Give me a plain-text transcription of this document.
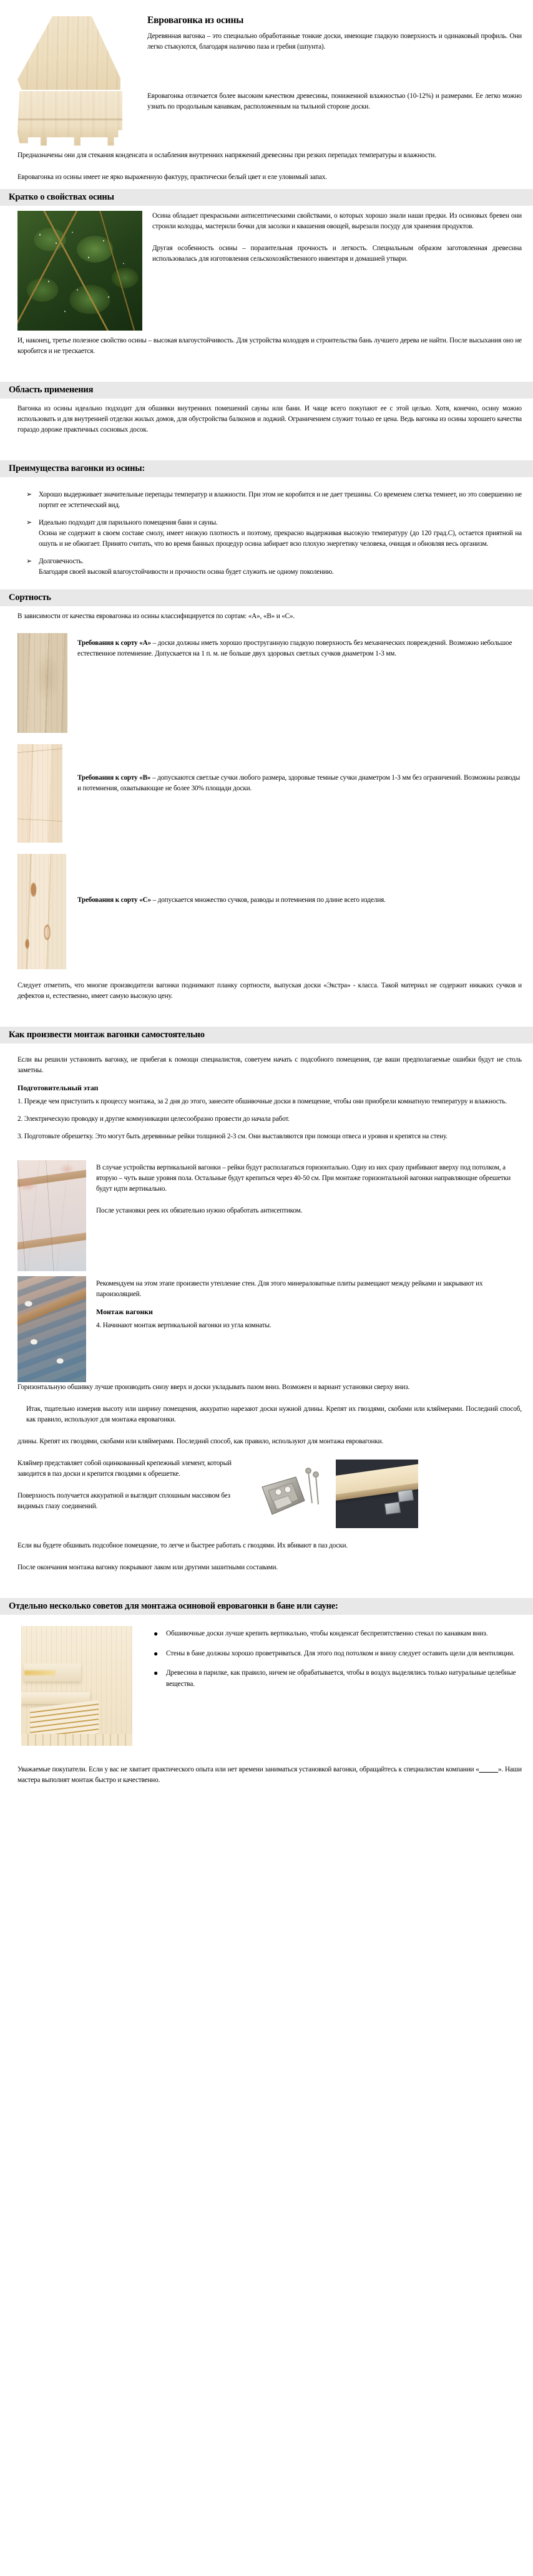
Евровагонка из осины

Деревянная вагонка – это специально обработанные тонкие доски, имеющие гладкую поверхность и одинаковый профиль. Они легко стыкуются, благодаря наличию паза и гребня (шпунта).

Евровагонка отличается более высоким качеством древесины, пониженной влажностью (10-12%) и размерами. Ее легко можно узнать по продольным канавкам, расположенным на тыльной стороне доски.

Предназначены они для стекания конденсата и ослабления внутренних напряжений древесины при резких перепадах температуры и влажности.

Евровагонка из осины имеет не ярко выраженную фактуру, практически белый цвет и еле уловимый запах.

Кратко о свойствах осины

Осина обладает прекрасными антисептическими свойствами, о которых хорошо знали наши предки. Из осиновых бревен они строили колодцы, мастерили бочки для засолки и квашения овощей, вырезали посуду для хранения продуктов.

Другая особенность осины – поразительная прочность и легкость. Специальным образом заготовленная древесина использовалась для изготовления сельскохозяйственного инвентаря и домашней утвари.

И, наконец, третье полезное свойство осины – высокая влагоустойчивость. Для устройства колодцев и строительства бань лучшего дерева не найти. После высыхания оно не коробится и не трескается.

Область применения

Вагонка из осины идеально подходит для обшивки внутренних помешений сауны или бани. И чаще всего покупают ее с этой целью. Хотя, конечно, осину можно использовать и для внутренней отделки жилых домов, для обустройства балконов и лоджий. Ограничением служит только ее цена. Ведь вагонка из осины хорошего качества гораздо дороже практичных сосновых досок.

Преимущества вагонки из осины:
➢ Хорошо выдерживает значительные перепады температур и влажности. При этом не коробится и не дает трешины. Со временем слегка темнеет, но это совершенно не портит ее эстетический вид.
➢ Идеально подходит для парильного помещения бани и сауны.
Осина не содержит в своем составе смолу, имеет низкую плотность и поэтому, прекрасно выдерживая высокую температуру (до 120 град.С), остается приятной на ошупь и не обжигает. Принято считать, что во время банных процедур осина забирает всю плохую энергетику человека, очищая и обновляя весь организм.
➢ Долговечность.
Благодаря своей высокой влагоустойчивости и прочности осина будет служить не одному поколению.
Сортность

В зависимости от качества евровагонка из осины классифицируется по сортам: «А», «В» и «С».

Требования к сорту «А» – доски должны иметь хорошо проструганную гладкую поверхность без механических повреждений. Возможно небольшое естественное потемнение. Допускается на 1 п. м. не больше двух здоровых светлых сучков диаметром 1-3 мм.

Требования к сорту «В» – допускаются светлые сучки любого размера, здоровые темные сучки диаметром 1-3 мм без ограничений. Возможны разводы и потемнения, охватывающие не более 30% площади доски.

Требования к сорту «С» – допускается множество сучков, разводы и потемнения по длине всего изделия.

Следует отметить, что многие производители вагонки поднимают планку сортности, выпуская доски «Экстра» - класса. Такой материал не содержит никаких сучков и дефектов и, естественно, имеет самую высокую цену.

Как произвести монтаж вагонки самостоятельно

Если вы решили установить вагонку, не прибегая к помощи специалистов, советуем начать с подсобного помещения, где ваши предполагаемые ошибки будут не столь заметны.

Подготовительный этап
Прежде чем приступить к процессу монтажа, за 2 дня до этого, занесите обшивочные доски в помещение, чтобы они приобрели комнатную температуру и влажность.
Электрическую проводку и другие коммуникации целесообразно провести до начала работ.
Подготовьте обрешетку. Это могут быть деревянные рейки толщиной 2-3 см. Они выставляются при помощи отвеса и уровня и крепятся на стену.

В случае устройства вертикальной вагонки – рейки будут располагаться горизонтально. Одну из них сразу прибивают вверху под потолком, а вторую – чуть выше уровня пола. Остальные будут крепиться через 40-50 см. При монтаже горизонтальной вагонки направляющие обрешетки будут идти вертикально.

После установки реек их обязательно нужно обработать антисептиком.

Рекомендуем на этом этапе произвести утепление стен. Для этого минераловатные плиты размещают между рейками и закрывают их пароизоляцией.

Монтаж вагонки

4. Начинают монтаж вертикальной вагонки из угла комнаты.

Горизонтальную обшивку лучше производить снизу вверх и доски укладывать пазом вниз. Возможен и вариант установки сверху вниз.

Итак, тщательно измерив высоту или ширину помещения, аккуратно нарезают доски нужной длины. Крепят их гвоздями, скобами или кляймерами. Последний способ, как правило, используют для монтажа евровагонки.

длины. Крепят их гвоздями, скобами или кляймерами. Последний способ, как правило, используют для монтажа евровагонки.

Кляймер представляет собой оцинкованный крепежный элемент, который заводится в паз доски и крепится гвоздями к обрешетке.

Поверхность получается аккуратной и выглядит сплошным массивом без видимых глазу соединений.

Если вы будете обшивать подсобное помещение, то легче и быстрее работать с гвоздями. Их вбивают в паз доски.

После окончания монтажа вагонку покрывают лаком или другими зашитными составами.

Отдельно несколько советов для монтажа осиновой евровагонки в бане или сауне:
● Обшивочные доски лучше крепить вертикально, чтобы конденсат беспрепятственно стекал по канавкам вниз.
● Стены в бане должны хорошо проветриваться. Для этого под потолком и внизу следует оставить щели для вентиляции.
● Древесина в парилке, как правило, ничем не обрабатывается, чтобы в воздух выделялись только натуральные целебные вещества.

Уважаемые покупатели. Если у вас не хватает практического опыта или нет времени заниматься установкой вагонки, обращайтесь к специалистам компании «____». Наши мастера выполнят монтаж быстро и качественно.
